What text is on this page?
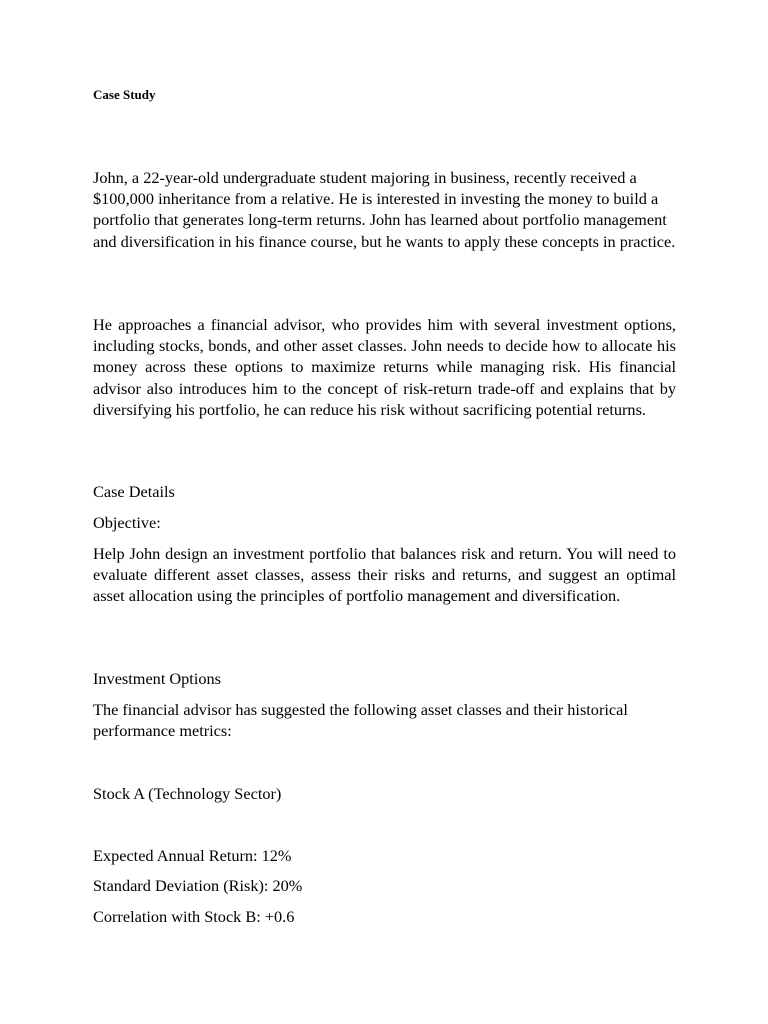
Case Study

John, a 22-year-old undergraduate student majoring in business, recently received a $100,000 inheritance from a relative. He is interested in investing the money to build a portfolio that generates long-term returns. John has learned about portfolio management and diversification in his finance course, but he wants to apply these concepts in practice.

He approaches a financial advisor, who provides him with several investment options, including stocks, bonds, and other asset classes. John needs to decide how to allocate his money across these options to maximize returns while managing risk. His financial advisor also introduces him to the concept of risk-return trade-off and explains that by diversifying his portfolio, he can reduce his risk without sacrificing potential returns.

Case Details
Objective:

Help John design an investment portfolio that balances risk and return. You will need to evaluate different asset classes, assess their risks and returns, and suggest an optimal asset allocation using the principles of portfolio management and diversification.

Investment Options

The financial advisor has suggested the following asset classes and their historical performance metrics:

Stock A (Technology Sector)
Expected Annual Return: 12%
Standard Deviation (Risk): 20%
Correlation with Stock B: +0.6
